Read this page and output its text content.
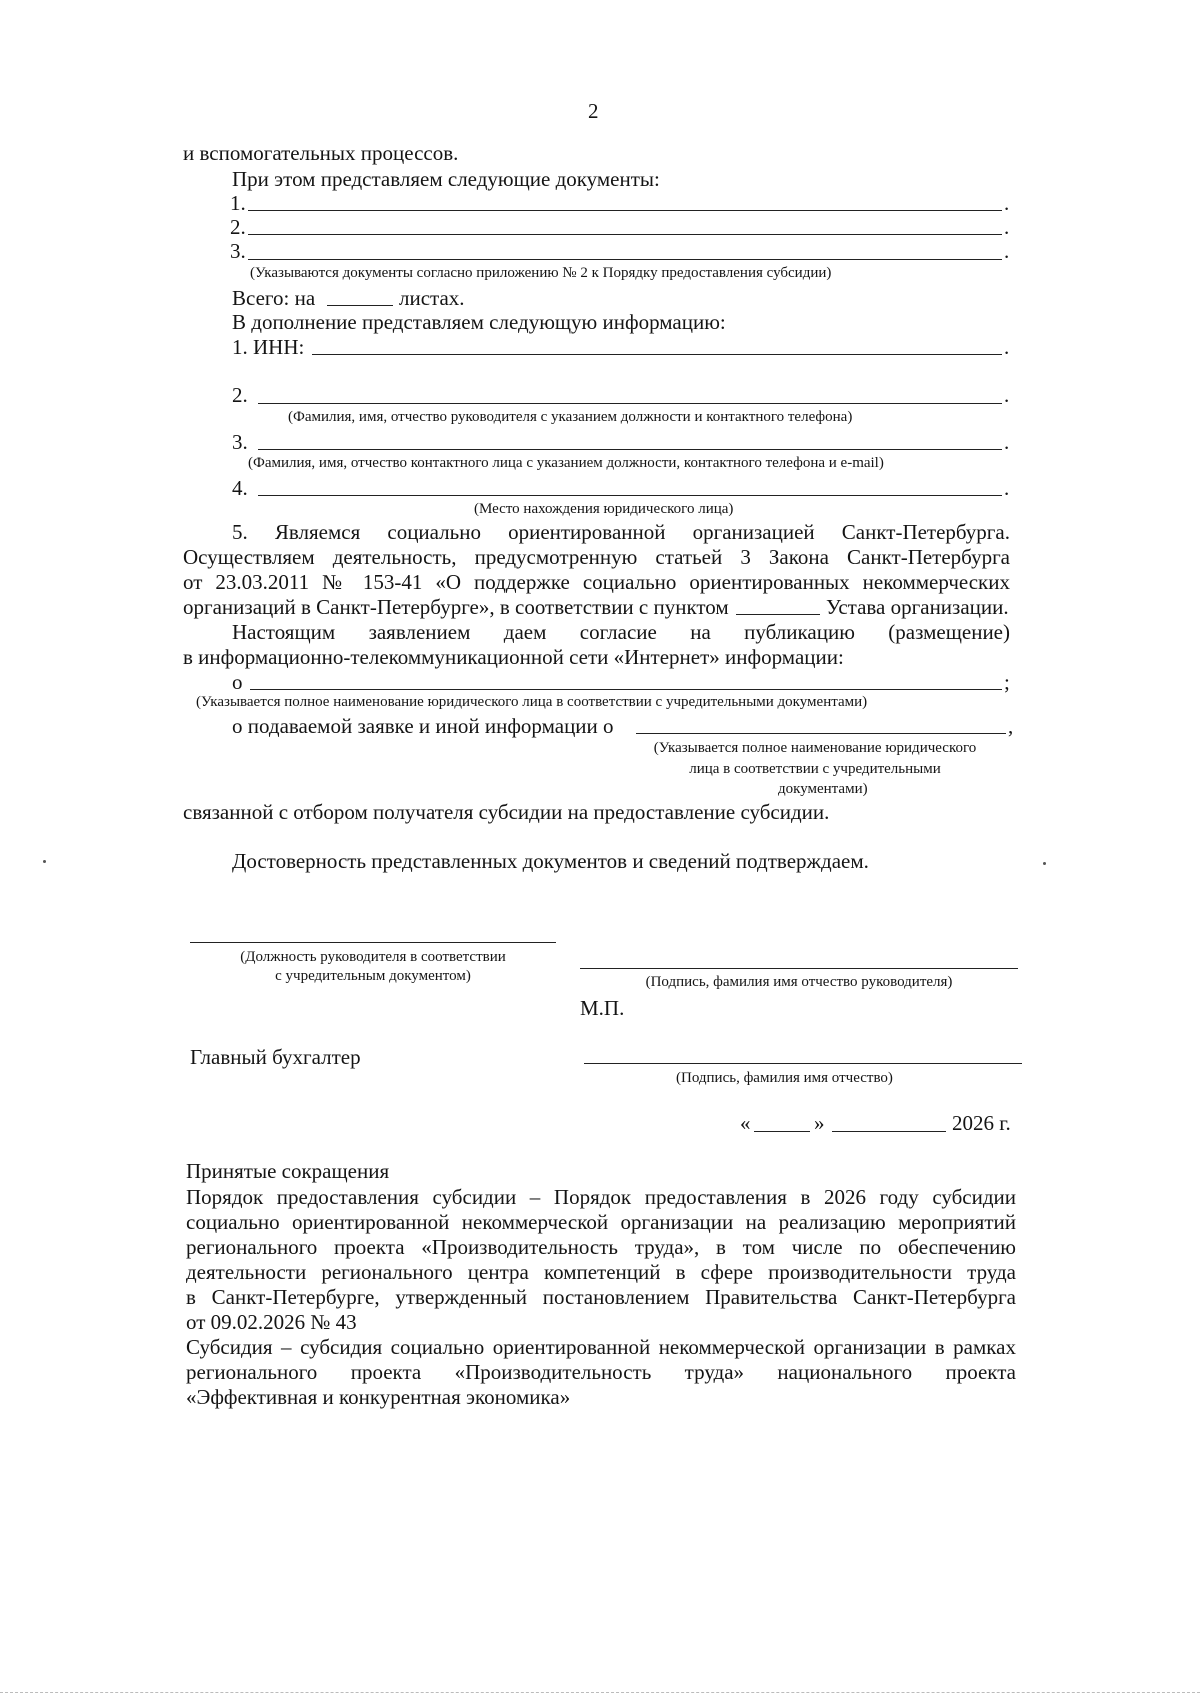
2
и вспомогательных процессов.
При этом представляем следующие документы:
1.	.
2.	.
3.	.
(Указываются документы согласно приложению № 2 к Порядку предоставления субсидии)
Всего: на	листах.
В дополнение представляем следующую информацию:
1. ИНН:	.
2.	.
(Фамилия, имя, отчество руководителя с указанием должности и контактного телефона)
3.	.
(Фамилия, имя, отчество контактного лица с указанием должности, контактного телефона и e-mail)
4.	.
(Место нахождения юридического лица)
5. Являемся социально ориентированной организацией Санкт-Петербурга.
Осуществляем деятельность, предусмотренную статьей 3 Закона Санкт-Петербурга
от 23.03.2011 № 153-41 «О поддержке социально ориентированных некоммерческих
организаций в Санкт-Петербурге», в соответствии с пунктом	Устава организации.
Настоящим заявлением даем согласие на публикацию (размещение)
в информационно-телекоммуникационной сети «Интернет» информации:
о	;
(Указывается полное наименование юридического лица в соответствии с учредительными документами)
о подаваемой заявке и иной информации о	,
(Указывается полное наименование юридического
лица в соответствии с учредительными
документами)
связанной с отбором получателя субсидии на предоставление субсидии.
Достоверность представленных документов и сведений подтверждаем.
(Должность руководителя в соответствии
с учредительным документом)	(Подпись, фамилия имя отчество руководителя)
М.П.
Главный бухгалтер
(Подпись, фамилия имя отчество)
«	»	2026 г.
Принятые сокращения
Порядок предоставления субсидии – Порядок предоставления в 2026 году субсидии
социально ориентированной некоммерческой организации на реализацию мероприятий
регионального проекта «Производительность труда», в том числе по обеспечению
деятельности регионального центра компетенций в сфере производительности труда
в Санкт-Петербурге, утвержденный постановлением Правительства Санкт-Петербурга
от 09.02.2026 № 43
Субсидия – субсидия социально ориентированной некоммерческой организации в рамках
регионального проекта «Производительность труда» национального проекта
«Эффективная и конкурентная экономика»
